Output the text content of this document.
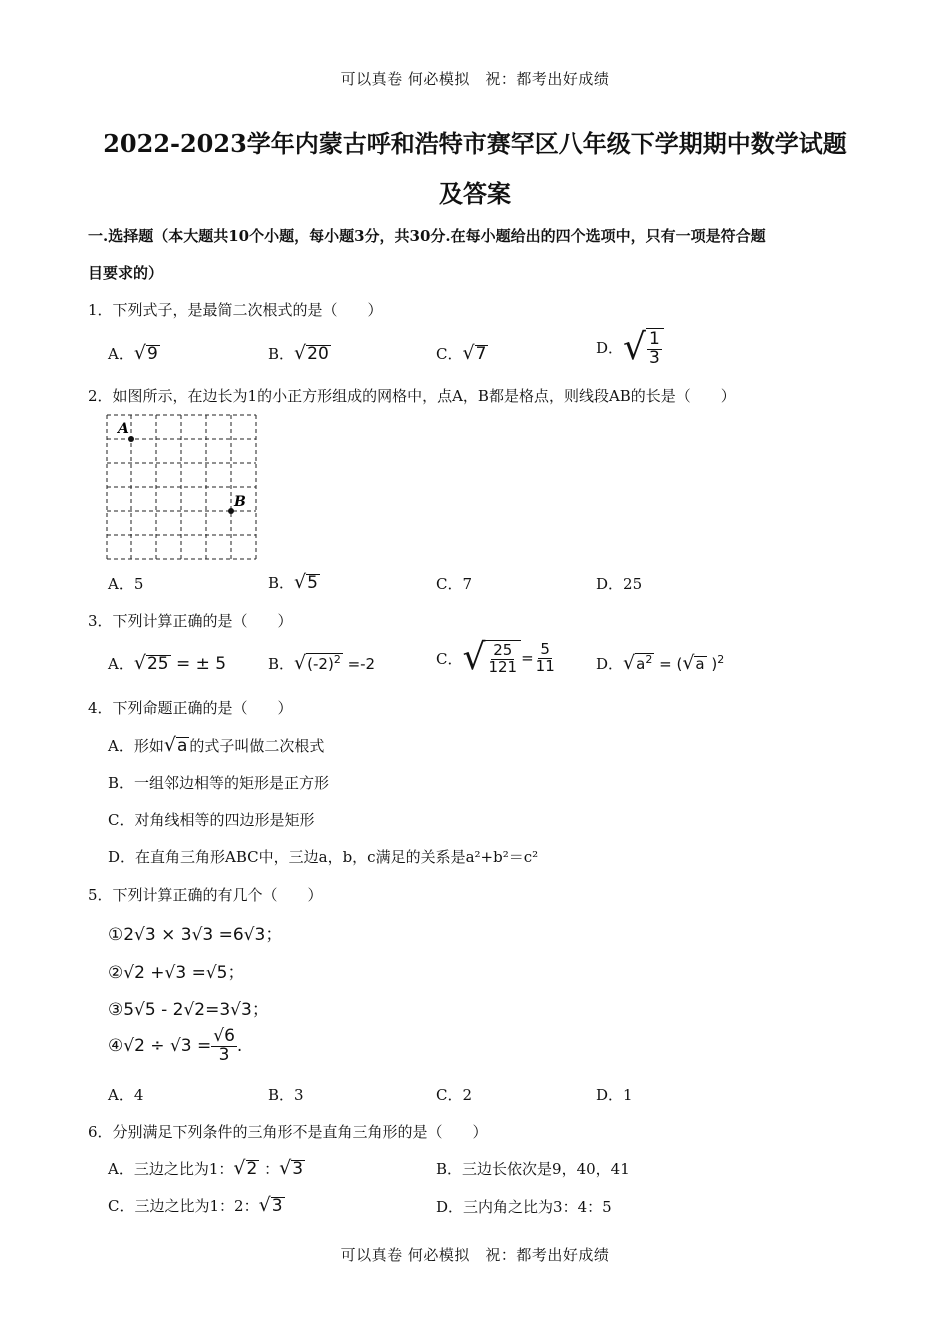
可以真卷 何必模拟　祝：都考出好成绩
2022-2023学年内蒙古呼和浩特市赛罕区八年级下学期期中数学试题
及答案
一.选择题（本大题共10个小题，每小题3分，共30分.在每小题给出的四个选项中，只有一项是符合题
目要求的）
1．下列式子，是最简二次根式的是（　　）
A．√9	B．√20	C．√7	D． √ $\frac{1}{3}$
2．如图所示，在边长为1的小正方形组成的网格中，点A，B都是格点，则线段AB的长是（　　）
A
B
A．5	B．√5	C．7	D．25
3．下列计算正确的是（　　）
A．√25 = ± 5	B．$√(-2)^2 =-2$	C． √ $\frac{25}{121} = \frac{5}{11}$	D．$√a^2 = (√a$ )$^2$
4．下列命题正确的是（　　）
A．形如√a 的式子叫做二次根式
B．一组邻边相等的矩形是正方形
C．对角线相等的四边形是矩形
D．在直角三角形ABC中，三边a，b，c满足的关系是a²+b²＝c²
5．下列计算正确的有几个（　　）
①2√3 × 3√3 =6√3；
②√2 +√3 =√5；
③5√5 - 2√2=3√3；
④√2 ÷ $√3 = \frac{√6}{3}$ .
A．4	B．3	C．2	D．1
6．分别满足下列条件的三角形不是直角三角形的是（　　）
A．三边之比为1：√2 ：√3	B．三边长依次是9，40，41
C．三边之比为1：2：√3	D．三内角之比为3：4：5
可以真卷 何必模拟　祝：都考出好成绩
